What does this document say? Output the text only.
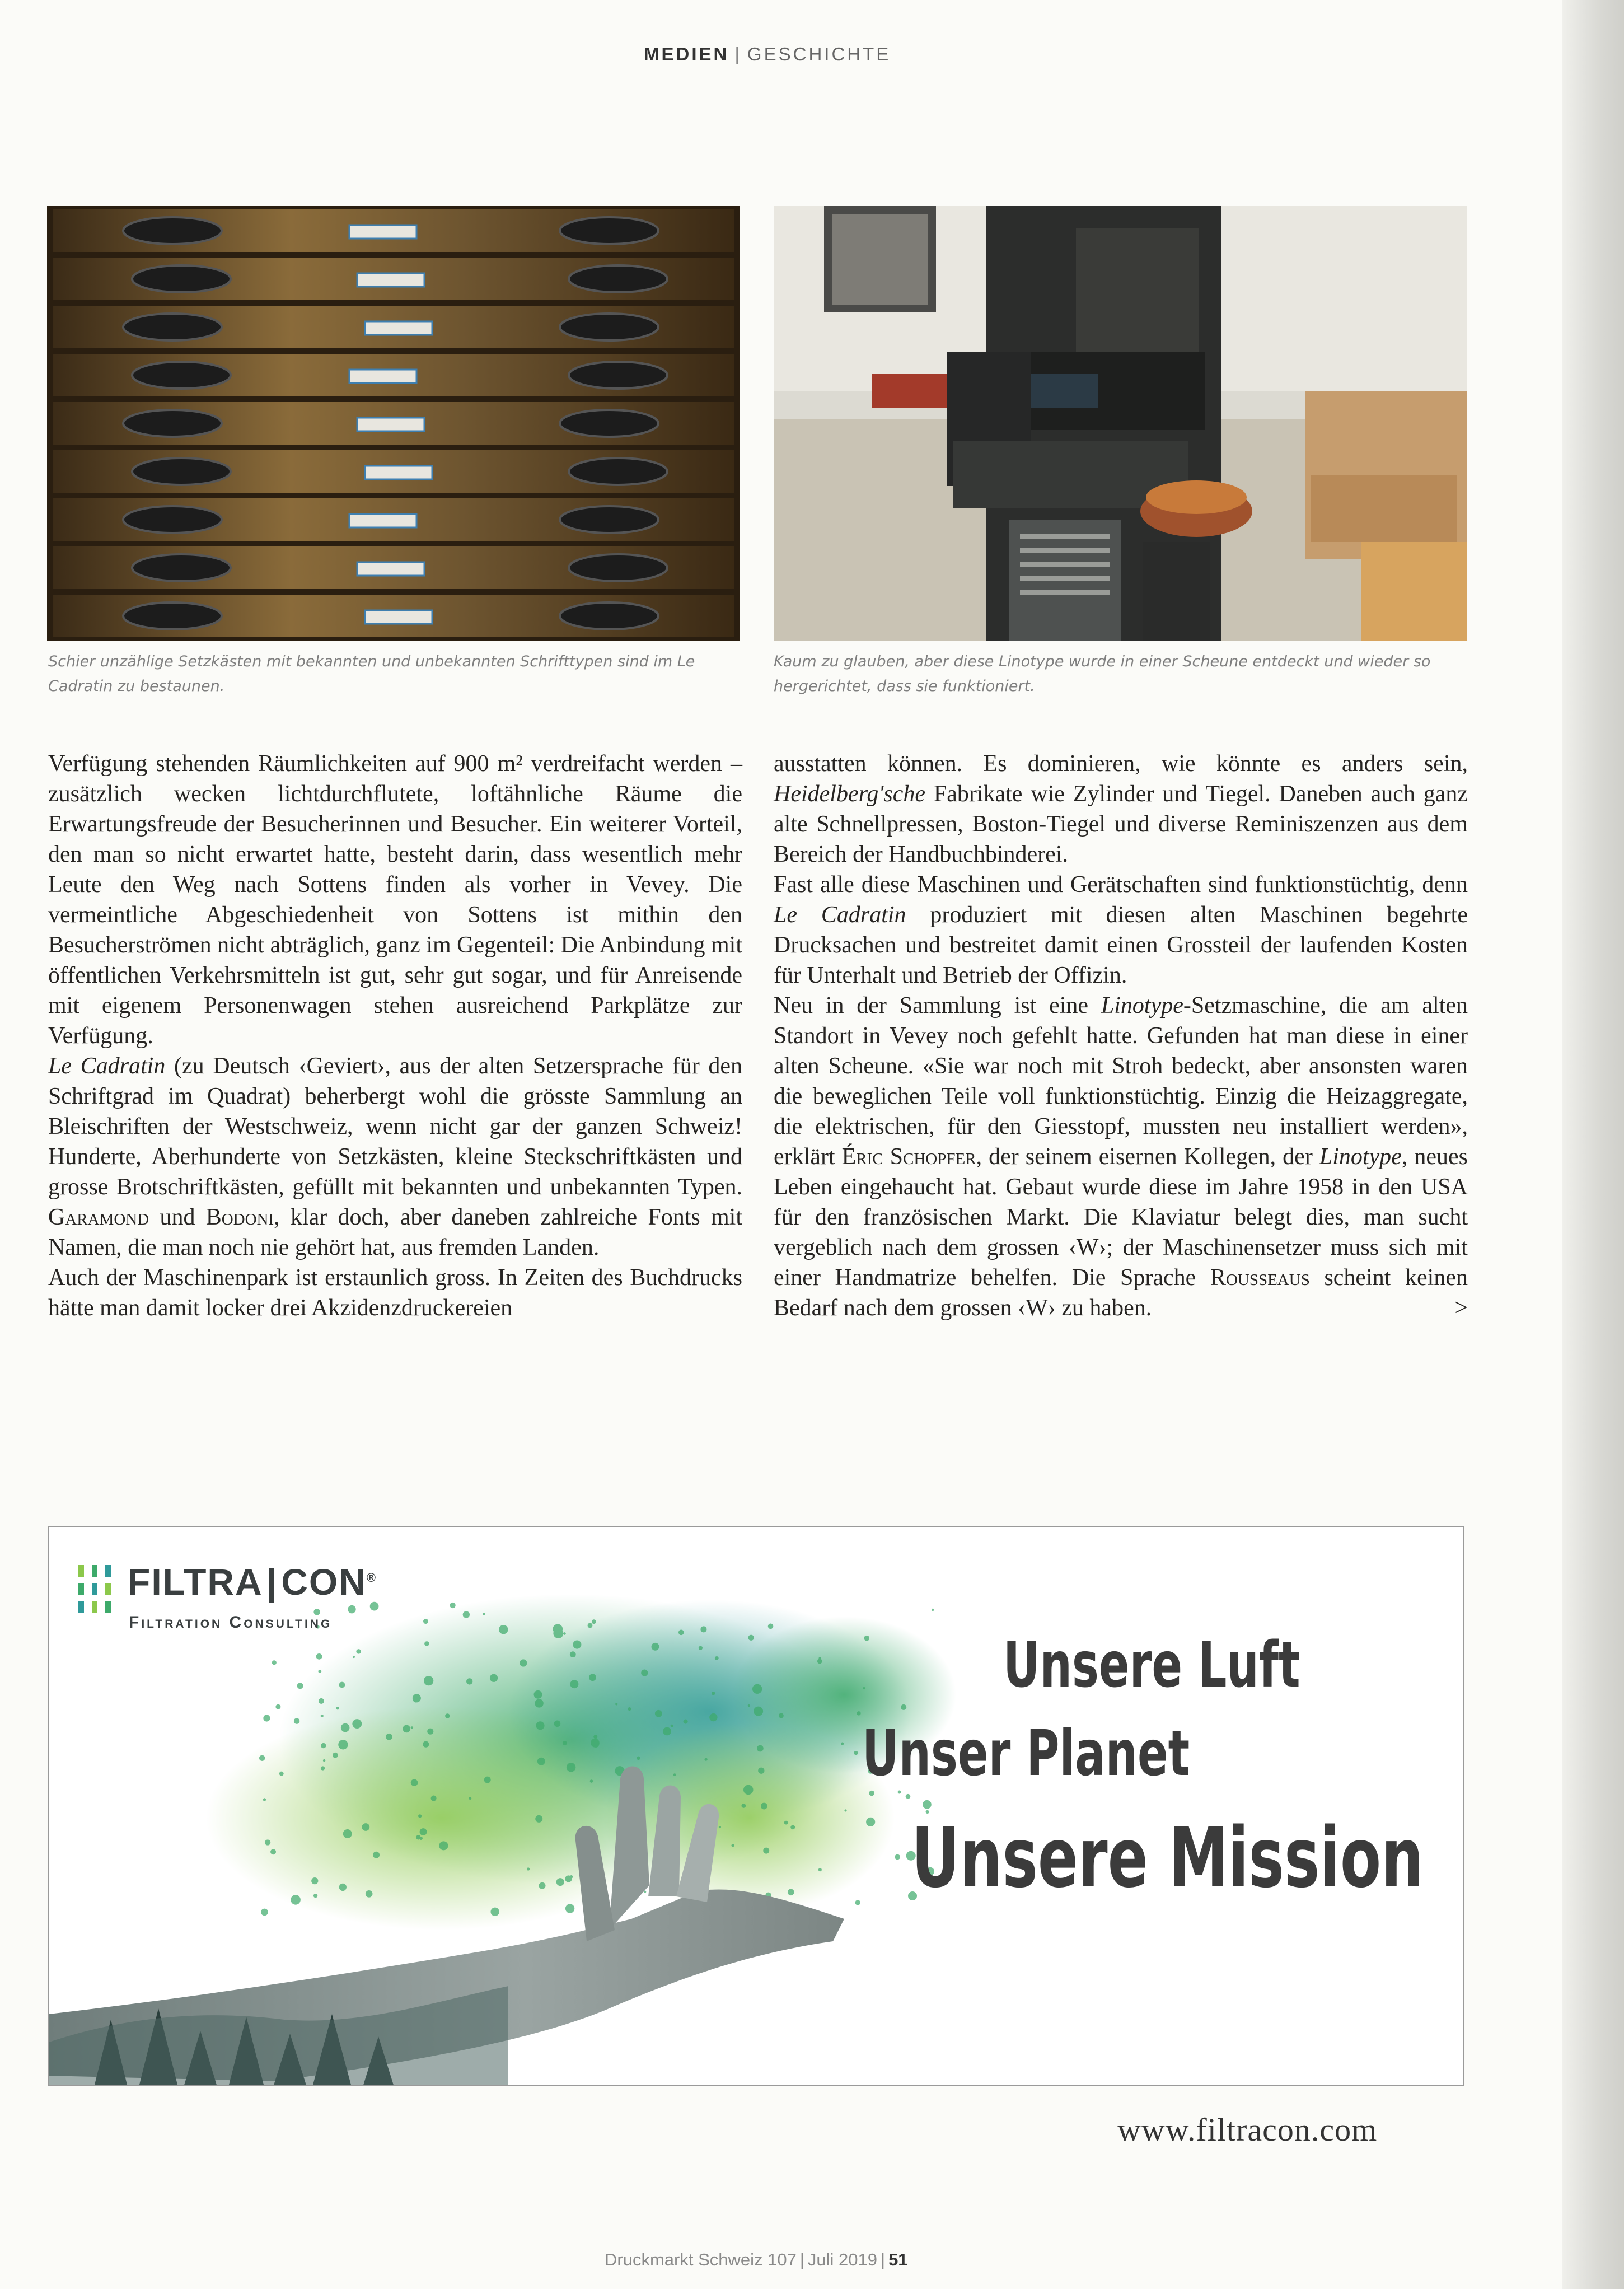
MEDIEN | GESCHICHTE
Schier unzählige Setzkästen mit bekannten und unbekannten Schrifttypen sind im Le Cadratin zu bestaunen.
Kaum zu glauben, aber diese Linotype wurde in einer Scheune entdeckt und wieder so hergerichtet, dass sie funktioniert.

Verfügung stehenden Räumlichkeiten auf 900 m² verdreifacht werden – zusätzlich wecken lichtdurchflutete, loftähnliche Räume die Erwartungsfreude der Besucherinnen und Besucher. Ein weiterer Vorteil, den man so nicht erwartet hatte, besteht darin, dass wesentlich mehr Leute den Weg nach Sottens finden als vorher in Vevey. Die vermeintliche Abgeschiedenheit von Sottens ist mithin den Besucherströmen nicht abträglich, ganz im Gegenteil: Die Anbindung mit öffentlichen Verkehrsmitteln ist gut, sehr gut sogar, und für Anreisende mit eigenem Personenwagen stehen ausreichend Parkplätze zur Verfügung.

Le Cadratin (zu Deutsch ‹Geviert›, aus der alten Setzersprache für den Schriftgrad im Quadrat) beherbergt wohl die grösste Sammlung an Bleischriften der Westschweiz, wenn nicht gar der ganzen Schweiz! Hunderte, Aberhunderte von Setzkästen, kleine Steckschriftkästen und grosse Brotschriftkästen, gefüllt mit bekannten und unbekannten Typen. Garamond und Bodoni, klar doch, aber daneben zahlreiche Fonts mit Namen, die man noch nie gehört hat, aus fremden Landen.

Auch der Maschinenpark ist erstaunlich gross. In Zeiten des Buchdrucks hätte man damit locker drei Akzidenzdruckereien

ausstatten können. Es dominieren, wie könnte es anders sein, Heidelberg'sche Fabrikate wie Zylinder und Tiegel. Daneben auch ganz alte Schnellpressen, Boston-Tiegel und diverse Reminiszenzen aus dem Bereich der Handbuchbinderei.

Fast alle diese Maschinen und Gerätschaften sind funktionstüchtig, denn Le Cadratin produziert mit diesen alten Maschinen begehrte Drucksachen und bestreitet damit einen Grossteil der laufenden Kosten für Unterhalt und Betrieb der Offizin.

Neu in der Sammlung ist eine Linotype-Setzmaschine, die am alten Standort in Vevey noch gefehlt hatte. Gefunden hat man diese in einer alten Scheune. «Sie war noch mit Stroh bedeckt, aber ansonsten waren die beweglichen Teile voll funktionstüchtig. Einzig die Heizaggregate, die elektrischen, für den Giesstopf, mussten neu installiert werden», erklärt Éric Schopfer, der seinem eisernen Kollegen, der Linotype, neues Leben eingehaucht hat. Gebaut wurde diese im Jahre 1958 in den USA für den französischen Markt. Die Klaviatur belegt dies, man sucht vergeblich nach dem grossen ‹W›; der Maschinensetzer muss sich mit einer Handmatrize behelfen. Die Sprache Rousseaus scheint keinen Bedarf nach dem grossen ‹W› zu haben.	>

FILTRA|CON®
Filtration Consulting
Unsere Luft
Unser Planet
Unsere Mission
www.filtracon.com
Druckmarkt Schweiz 107 | Juli 2019 | 51
